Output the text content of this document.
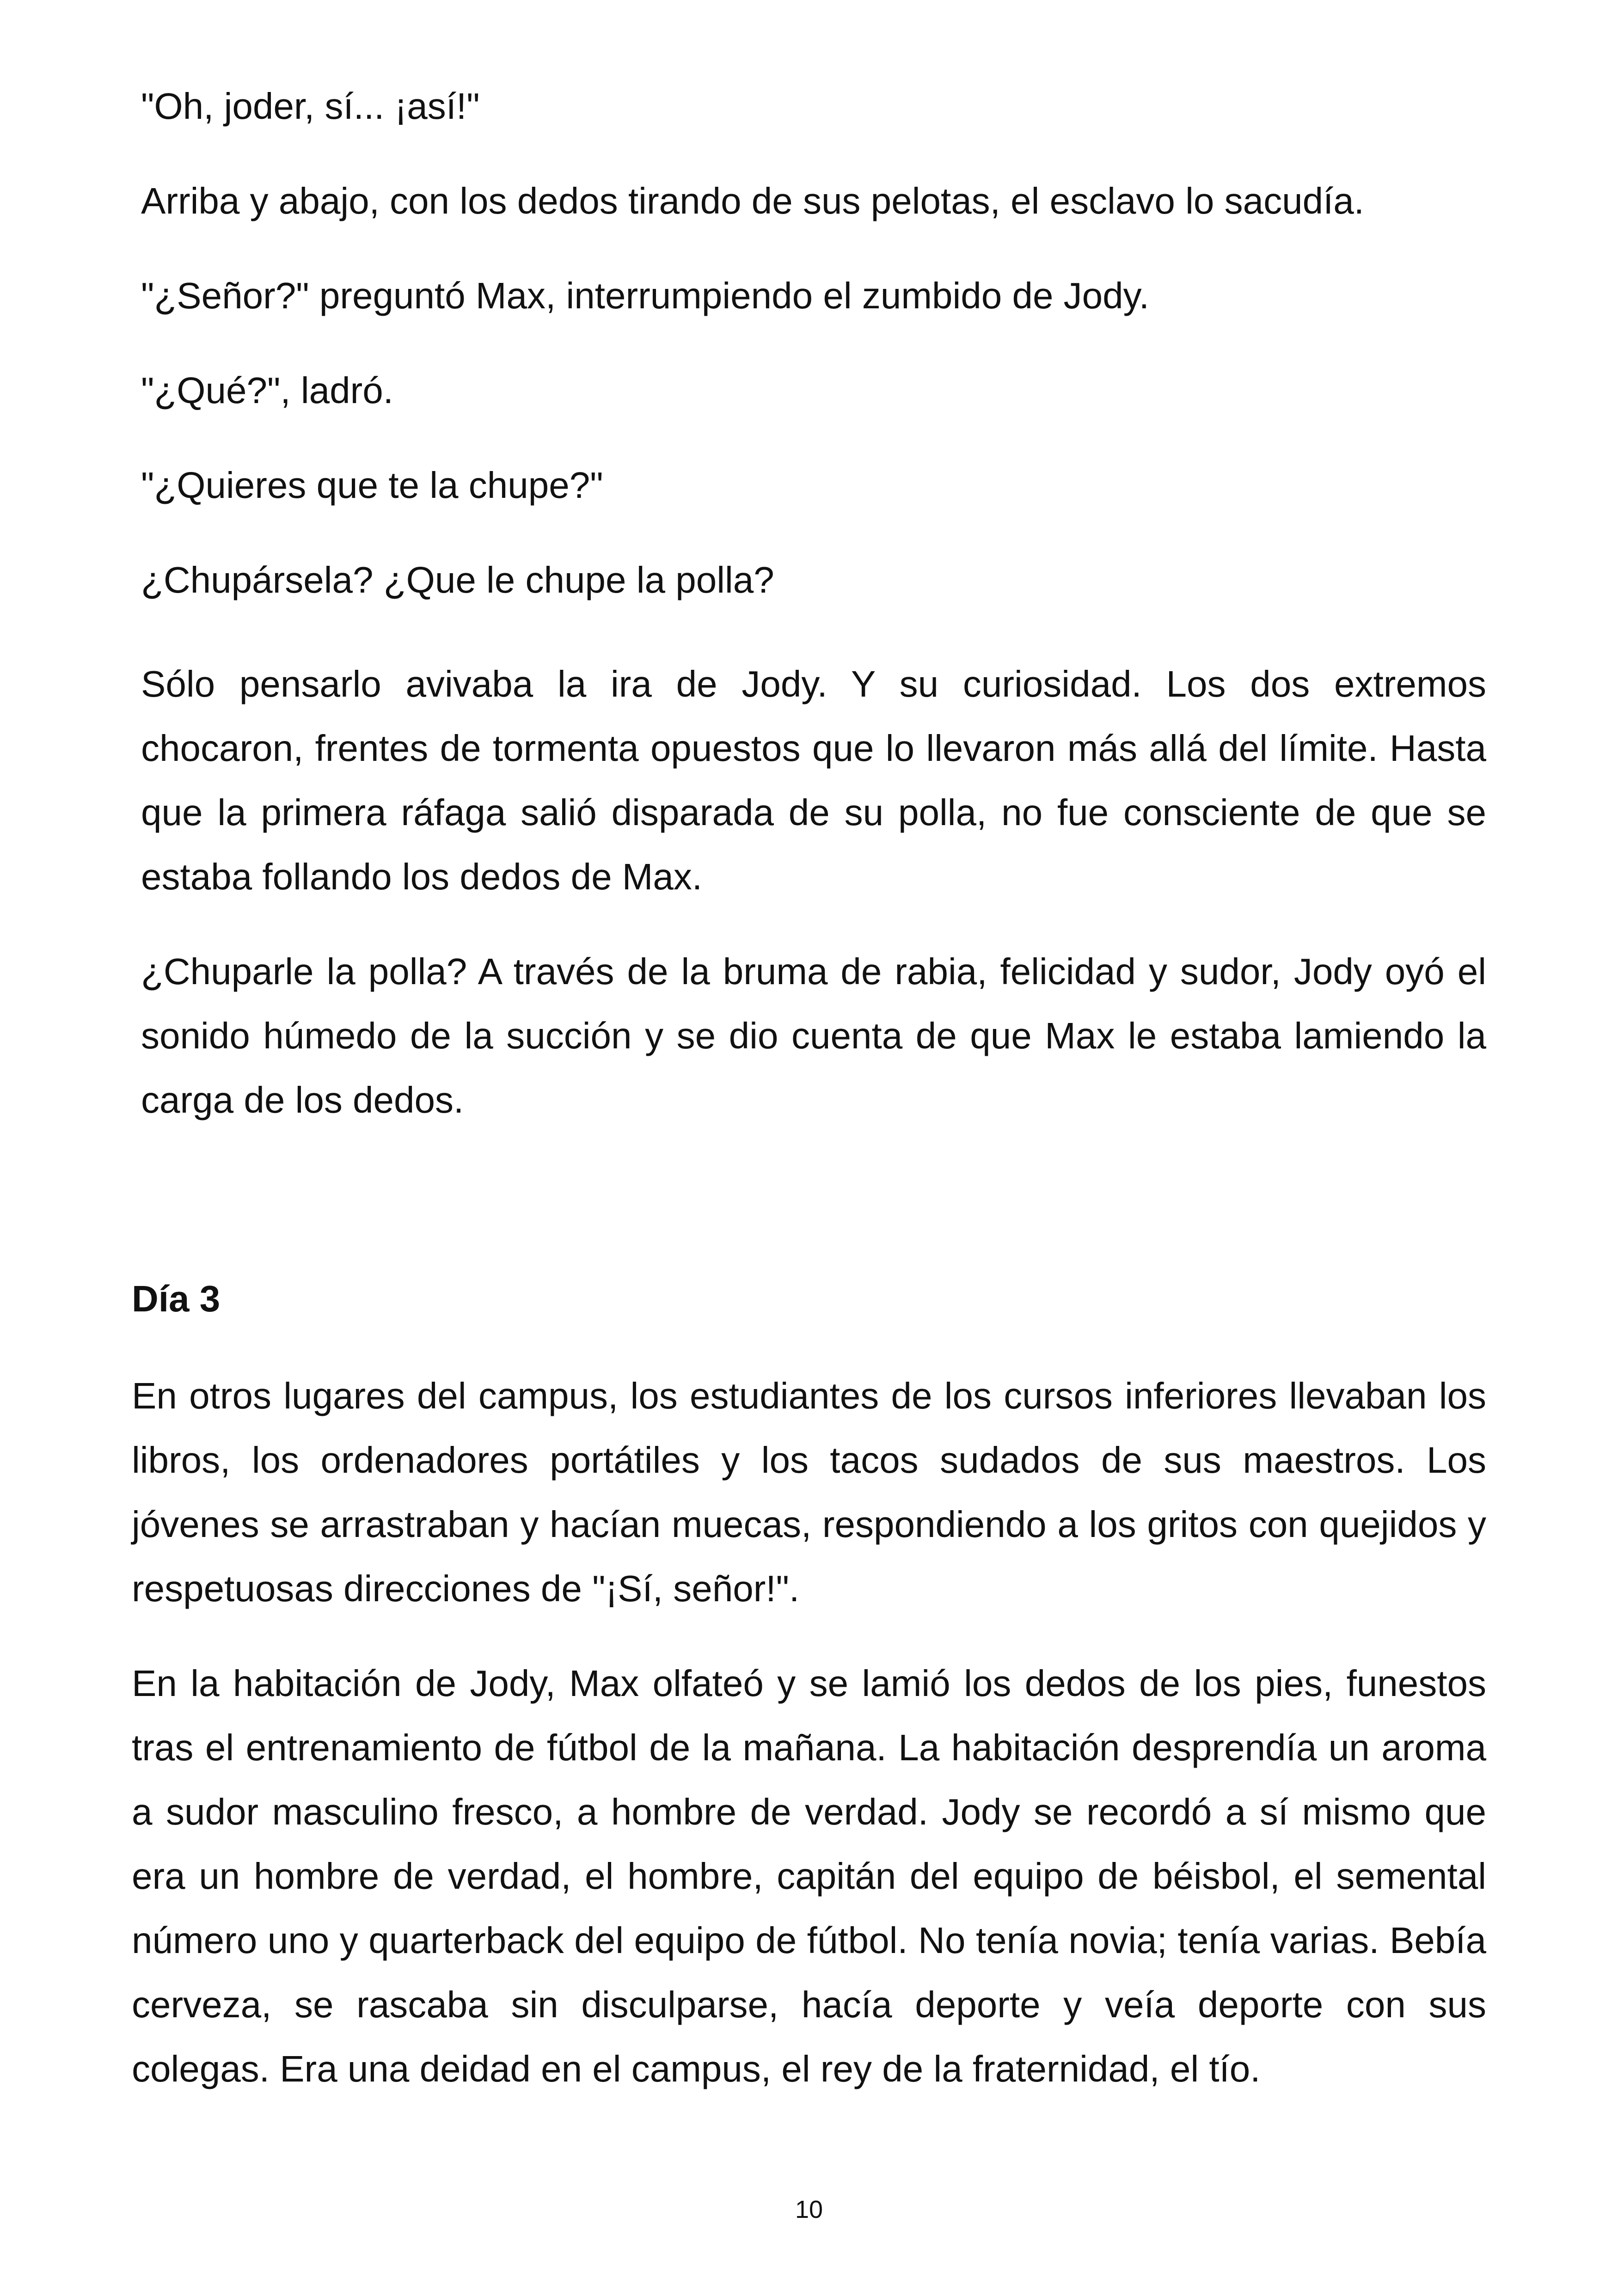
"Oh, joder, sí... ¡así!"

Arriba y abajo, con los dedos tirando de sus pelotas, el esclavo lo sacudía.

"¿Señor?" preguntó Max, interrumpiendo el zumbido de Jody.

"¿Qué?", ladró.

"¿Quieres que te la chupe?"

¿Chupársela? ¿Que le chupe la polla?

Sólo pensarlo avivaba la ira de Jody. Y su curiosidad. Los dos extremos chocaron, frentes de tormenta opuestos que lo llevaron más allá del límite. Hasta que la primera ráfaga salió disparada de su polla, no fue consciente de que se estaba follando los dedos de Max.

¿Chuparle la polla? A través de la bruma de rabia, felicidad y sudor, Jody oyó el sonido húmedo de la succión y se dio cuenta de que Max le estaba lamiendo la carga de los dedos.

Día 3

En otros lugares del campus, los estudiantes de los cursos inferiores llevaban los libros, los ordenadores portátiles y los tacos sudados de sus maestros. Los jóvenes se arrastraban y hacían muecas, respondiendo a los gritos con quejidos y respetuosas direcciones de "¡Sí, señor!".

En la habitación de Jody, Max olfateó y se lamió los dedos de los pies, funestos tras el entrenamiento de fútbol de la mañana. La habitación desprendía un aroma a sudor masculino fresco, a hombre de verdad. Jody se recordó a sí mismo que era un hombre de verdad, el hombre, capitán del equipo de béisbol, el semental número uno y quarterback del equipo de fútbol. No tenía novia; tenía varias. Bebía cerveza, se rascaba sin disculparse, hacía deporte y veía deporte con sus colegas. Era una deidad en el campus, el rey de la fraternidad, el tío.

10
